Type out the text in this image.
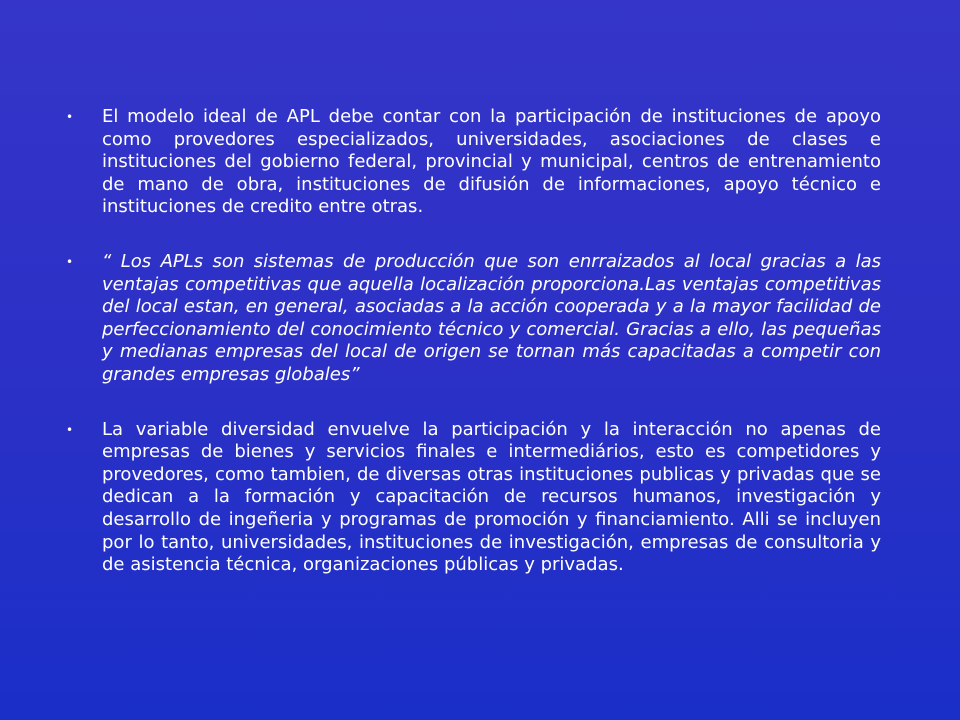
• El modelo ideal de APL debe contar con la participación de instituciones de apoyo como provedores especializados, universidades, asociaciones de clases e instituciones del gobierno federal, provincial y municipal, centros de entrenamiento de mano de obra, instituciones de difusión de informaciones, apoyo técnico e instituciones de credito entre otras.

• “ Los APLs son sistemas de producción que son enrraizados al local gracias a las ventajas competitivas que aquella localización proporciona.Las ventajas competitivas del local estan, en general, asociadas a la acción cooperada y a la mayor facilidad de perfeccionamiento del conocimiento técnico y comercial. Gracias a ello, las pequeñas y medianas empresas del local de origen se tornan más capacitadas a competir con grandes empresas globales”

• La variable diversidad envuelve la participación y la interacción no apenas de empresas de bienes y servicios finales e intermediários, esto es competidores y provedores, como tambien, de diversas otras instituciones publicas y privadas que se dedican a la formación y capacitación de recursos humanos, investigación y desarrollo de ingeñeria y programas de promoción y financiamiento. Alli se incluyen por lo tanto, universidades, instituciones de investigación, empresas de consultoria y de asistencia técnica, organizaciones públicas y privadas.
